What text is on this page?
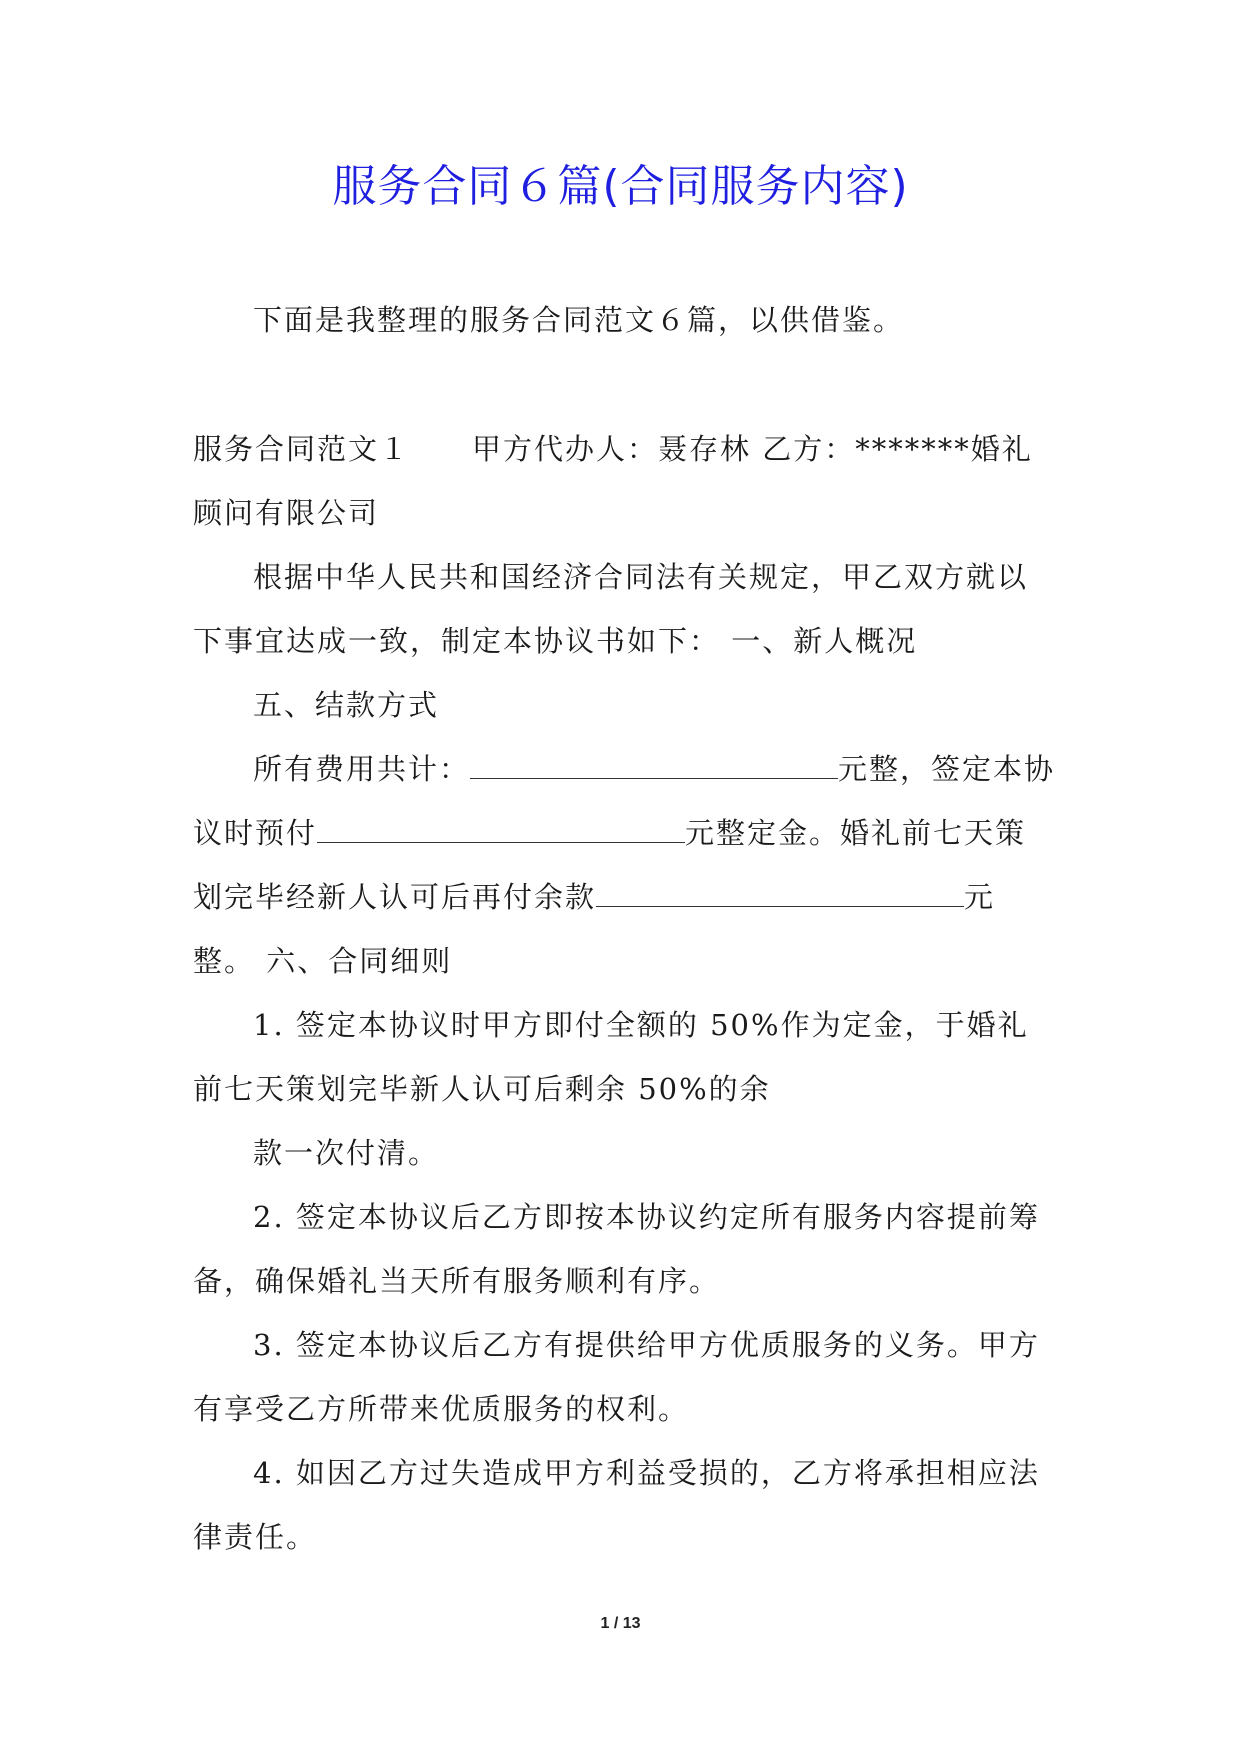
服务合同６篇(合同服务内容)

下面是我整理的服务合同范文６篇，以供借鉴。

服务合同范文１　　甲方代办人：聂存林 乙方：*******婚礼顾问有限公司

根据中华人民共和国经济合同法有关规定，甲乙双方就以下事宜达成一致，制定本协议书如下： 一、新人概况

五、结款方式

所有费用共计：	元整，签定本协议时预付	元整定金。婚礼前七天策划完毕经新人认可后再付余款	元整。 六、合同细则

1. 签定本协议时甲方即付全额的 50%作为定金，于婚礼前七天策划完毕新人认可后剩余 50%的余

款一次付清。

2. 签定本协议后乙方即按本协议约定所有服务内容提前筹备，确保婚礼当天所有服务顺利有序。

3. 签定本协议后乙方有提供给甲方优质服务的义务。甲方有享受乙方所带来优质服务的权利。

4. 如因乙方过失造成甲方利益受损的，乙方将承担相应法律责任。

1 / 13
